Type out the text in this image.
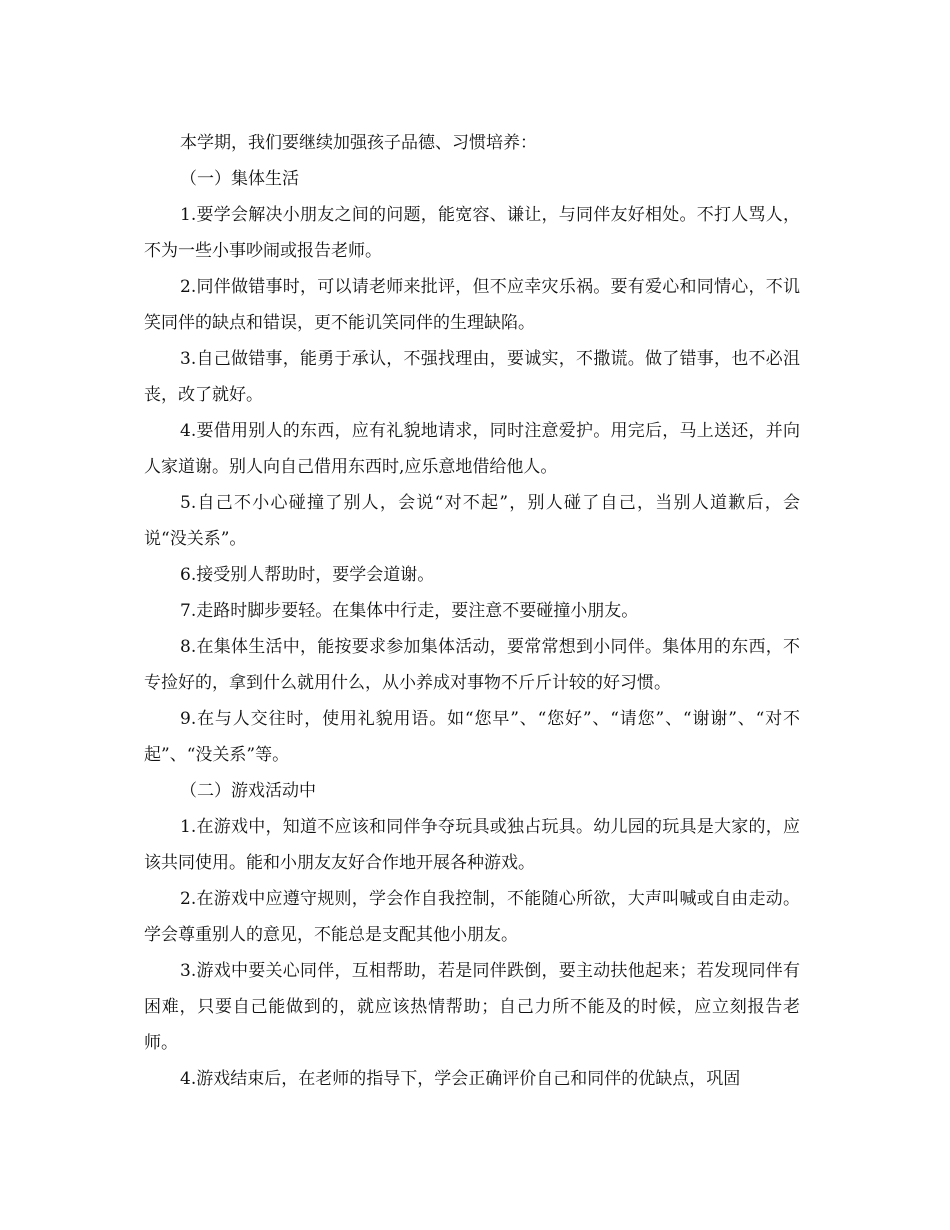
本学期，我们要继续加强孩子品德、习惯培养：

（一）集体生活

1.要学会解决小朋友之间的问题，能宽容、谦让，与同伴友好相处。不打人骂人，不为一些小事吵闹或报告老师。

2.同伴做错事时，可以请老师来批评，但不应幸灾乐祸。要有爱心和同情心，不讥笑同伴的缺点和错误，更不能讥笑同伴的生理缺陷。

3.自己做错事，能勇于承认，不强找理由，要诚实，不撒谎。做了错事，也不必沮丧，改了就好。

4.要借用别人的东西，应有礼貌地请求，同时注意爱护。用完后，马上送还，并向人家道谢。别人向自己借用东西时,应乐意地借给他人。

5.自己不小心碰撞了别人，会说“对不起”，别人碰了自己，当别人道歉后，会说“没关系”。

6.接受别人帮助时，要学会道谢。

7.走路时脚步要轻。在集体中行走，要注意不要碰撞小朋友。

8.在集体生活中，能按要求参加集体活动，要常常想到小同伴。集体用的东西，不专捡好的，拿到什么就用什么，从小养成对事物不斤斤计较的好习惯。

9.在与人交往时，使用礼貌用语。如“您早”、“您好”、“请您”、“谢谢”、“对不起”、“没关系”等。

（二）游戏活动中

1.在游戏中，知道不应该和同伴争夺玩具或独占玩具。幼儿园的玩具是大家的，应该共同使用。能和小朋友友好合作地开展各种游戏。

2.在游戏中应遵守规则，学会作自我控制，不能随心所欲，大声叫喊或自由走动。学会尊重别人的意见，不能总是支配其他小朋友。

3.游戏中要关心同伴，互相帮助，若是同伴跌倒，要主动扶他起来；若发现同伴有困难，只要自己能做到的，就应该热情帮助；自己力所不能及的时候，应立刻报告老师。

4.游戏结束后，在老师的指导下，学会正确评价自己和同伴的优缺点，巩固
